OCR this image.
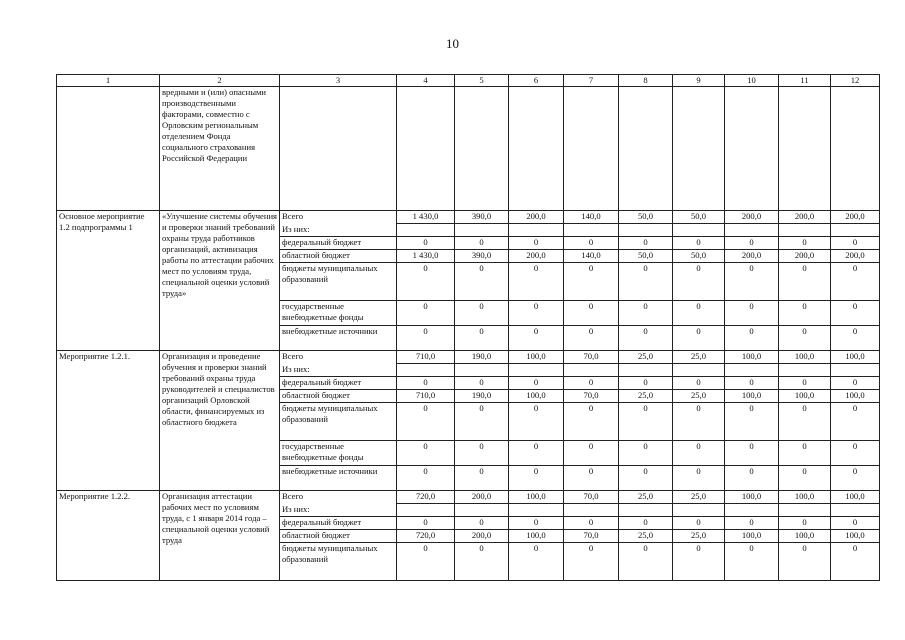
10
1	2	3	4	5	6	7	8	9	10	11	12
	вредными и (или) опасными производственными факторами, совместно с Орловским региональным отделением Фонда социального страхования Российской Федерации										
Основное мероприятие 1.2 подпрограммы 1	«Улучшение системы обучения и проверки знаний требований охраны труда работников организаций, активизация работы по аттестации рабочих мест по условиям труда, специальной оценки условий труда»	Всего	1 430,0	390,0	200,0	140,0	50,0	50,0	200,0	200,0	200,0
		Из них:									
		федеральный бюджет	0	0	0	0	0	0	0	0	0
		областной бюджет	1 430,0	390,0	200,0	140,0	50,0	50,0	200,0	200,0	200,0
		бюджеты муниципальных образований	0	0	0	0	0	0	0	0	0
		государственные внебюджетные фонды	0	0	0	0	0	0	0	0	0
		внебюджетные источники	0	0	0	0	0	0	0	0	0
Мероприятие 1.2.1.	Организация и проведение обучения и проверки знаний требований охраны труда руководителей и специалистов организаций Орловской области, финансируемых из областного бюджета	Всего	710,0	190,0	100,0	70,0	25,0	25,0	100,0	100,0	100,0
		Из них:									
		федеральный бюджет	0	0	0	0	0	0	0	0	0
		областной бюджет	710,0	190,0	100,0	70,0	25,0	25,0	100,0	100,0	100,0
		бюджеты муниципальных образований	0	0	0	0	0	0	0	0	0
		государственные внебюджетные фонды	0	0	0	0	0	0	0	0	0
		внебюджетные источники	0	0	0	0	0	0	0	0	0
Мероприятие 1.2.2.	Организация аттестации рабочих мест по условиям труда, с 1 января 2014 года – специальной оценки условий труда	Всего	720,0	200,0	100,0	70,0	25,0	25,0	100,0	100,0	100,0
		Из них:									
		федеральный бюджет	0	0	0	0	0	0	0	0	0
		областной бюджет	720,0	200,0	100,0	70,0	25,0	25,0	100,0	100,0	100,0
		бюджеты муниципальных образований	0	0	0	0	0	0	0	0	0
